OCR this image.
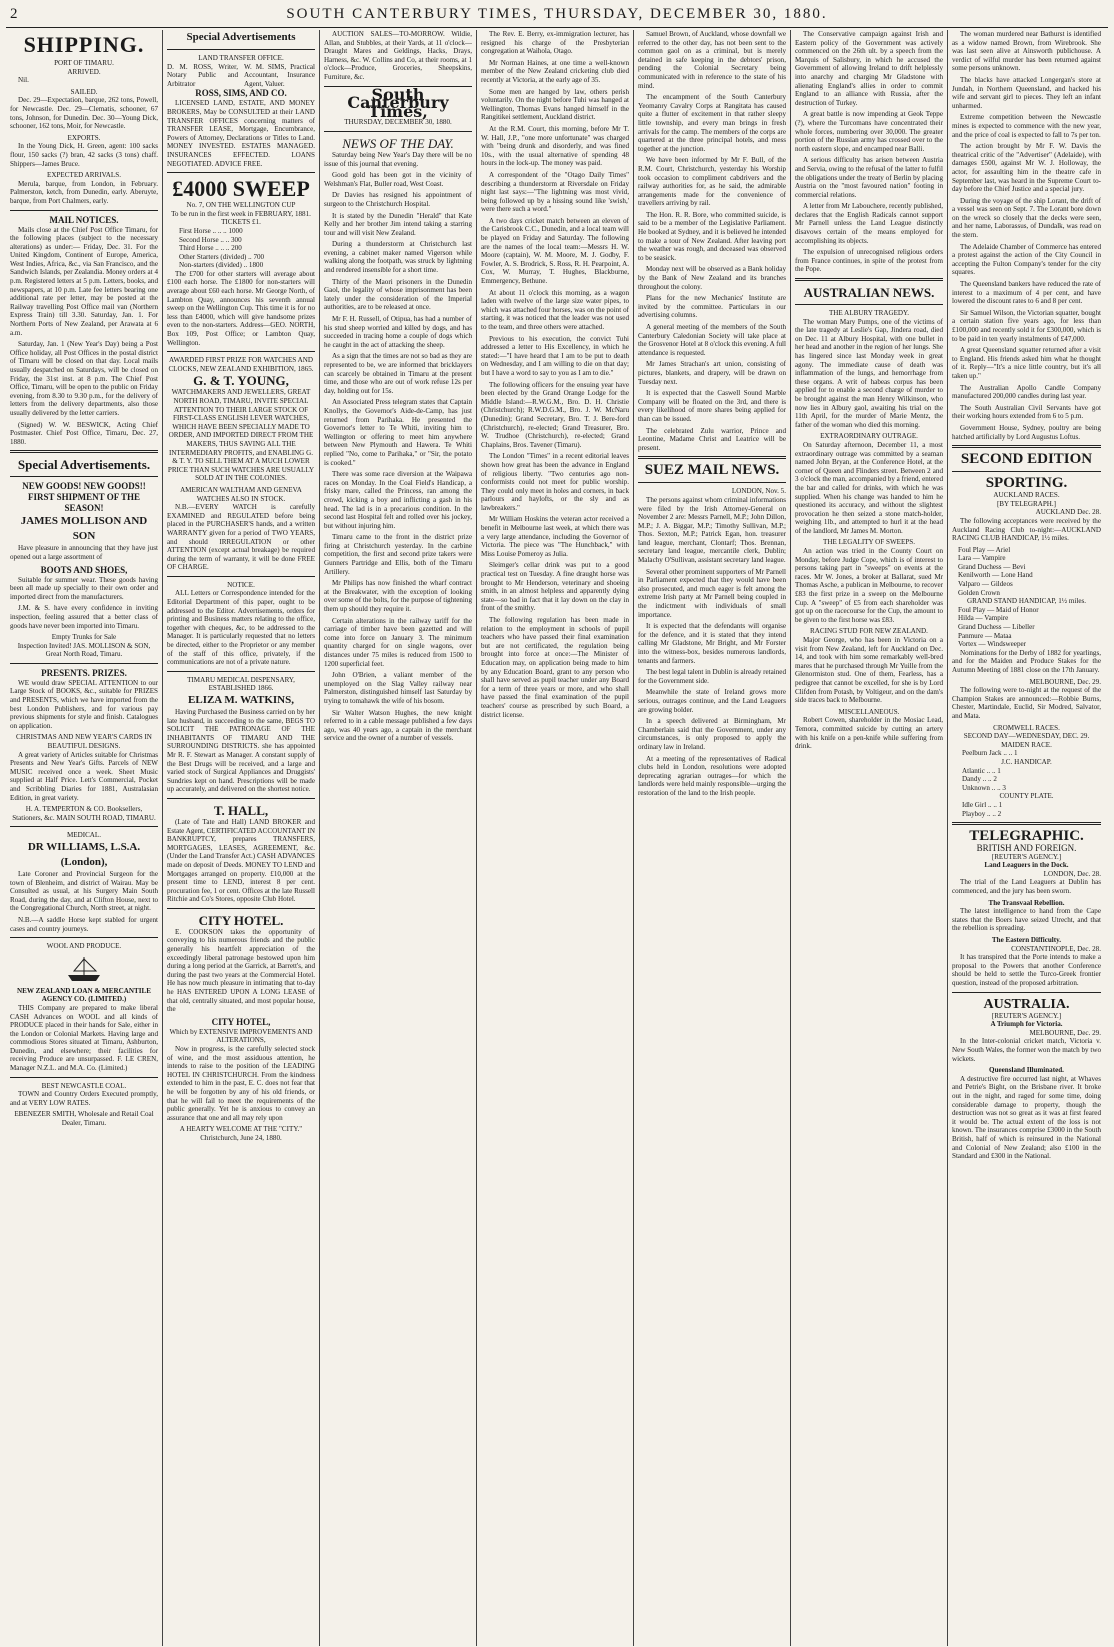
2	SOUTH CANTERBURY TIMES, THURSDAY, DECEMBER 30, 1880.
SHIPPING.
PORT OF TIMARU.
ARRIVED.

Nil.

SAILED.

Dec. 29—Expectation, barque, 262 tons, Powell, for Newcastle. Dec. 29—Clematis, schooner, 67 tons, Johnson, for Dunedin. Dec. 30—Young Dick, schooner, 162 tons, Moir, for Newcastle.

EXPORTS.

In the Young Dick, H. Green, agent: 100 sacks flour, 150 sacks (?) bran, 42 sacks (3 tons) chaff. Shippers—James Bruce.

EXPECTED ARRIVALS.

Merula, barque, from London, in February. Palmerston, ketch, from Dunedin, early. Aberuyte, barque, from Port Chalmers, early.

MAIL NOTICES.

Mails close at the Chief Post Office Timaru, for the following places (subject to the necessary alterations) as under:— Friday, Dec. 31. For the United Kingdom, Continent of Europe, America, West Indies, Africa, &c., via San Francisco, and the Sandwich Islands, per Zealandia. Money orders at 4 p.m. Registered letters at 5 p.m. Letters, books, and newspapers, at 10 p.m. Late fee letters bearing one additional rate per letter, may be posted at the Railway travelling Post Office mail van (Northern Express Train) till 3.30. Saturday, Jan. 1. For Northern Ports of New Zealand, per Arawata at 6 a.m.

Saturday, Jan. 1 (New Year's Day) being a Post Office holiday, all Post Offices in the postal district of Timaru will be closed on that day. Local mails usually despatched on Saturdays, will be closed on Friday, the 31st inst. at 8 p.m. The Chief Post Office, Timaru, will be open to the public on Friday evening, from 8.30 to 9.30 p.m., for the delivery of letters from the delivery departments, also those usually delivered by the letter carriers.

(Signed) W. W. BESWICK, Acting Chief Postmaster. Chief Post Office, Timaru, Dec. 27, 1880.

Special Advertisements.
NEW GOODS! NEW GOODS!!
FIRST SHIPMENT OF THE SEASON!
JAMES MOLLISON AND SON

Have pleasure in announcing that they have just opened out a large assortment of

BOOTS AND SHOES,

Suitable for summer wear. These goods having been all made up specially to their own order and imported direct from the manufacturers.

J.M. & S. have every confidence in inviting inspection, feeling assured that a better class of goods have never been imported into Timaru.

Empty Trunks for Sale
Inspection Invited! JAS. MOLLISON & SON, Great North Road, Timaru.
PRESENTS. PRIZES.

WE would draw SPECIAL ATTENTION to our Large Stock of BOOKS, &c., suitable for PRIZES and PRESENTS, which we have imported from the best London Publishers, and for various pay previous shipments for style and finish. Catalogues on application.

CHRISTMAS AND NEW YEAR'S CARDS IN BEAUTIFUL DESIGNS.

A great variety of Articles suitable for Christmas Presents and New Year's Gifts. Parcels of NEW MUSIC received once a week. Sheet Music supplied at Half Price. Lett's Commercial, Pocket and Scribbling Diaries for 1881, Australasian Edition, in great variety.

H. A. TEMPERTON & CO. Booksellers, Stationers, &c. MAIN SOUTH ROAD, TIMARU.
MEDICAL.
DR WILLIAMS, L.S.A. (London),

Late Coroner and Provincial Surgeon for the town of Blenheim, and district of Wairau. May be Consulted as usual, at his Surgery Main South Road, during the day, and at Clifton House, next to the Congregational Church, North street, at night.

N.B.—A saddle Horse kept stabled for urgent cases and country journeys.

WOOL AND PRODUCE.
NEW ZEALAND LOAN & MERCANTILE AGENCY CO. (LIMITED.)

THIS Company are prepared to make liberal CASH Advances on WOOL and all kinds of PRODUCE placed in their hands for Sale, either in the London or Colonial Markets. Having large and commodious Stores situated at Timaru, Ashburton, Dunedin, and elsewhere; their facilities for receiving Produce are unsurpassed. F. LE CREN, Manager N.Z.L. and M.A. Co. (Limited.)

BEST NEWCASTLE COAL.

TOWN and Country Orders Executed promptly, and at VERY LOW RATES.

EBENEZER SMITH, Wholesale and Retail Coal Dealer, Timaru.
Special Advertisements
LAND TRANSFER OFFICE.
D. M. ROSS, Writer, Notary Public and Arbitrator
W. M. SIMS, Practical Accountant, Insurance Agent, Valuer.
ROSS, SIMS, AND CO.

LICENSED LAND, ESTATE, AND MONEY BROKERS, May be CONSULTED at their LAND TRANSFER OFFICES concerning matters of TRANSFER LEASE, Mortgage, Encumbrance, Powers of Attorney, Declarations or Titles to Land. MONEY INVESTED. ESTATES MANAGED. INSURANCES EFFECTED. LOANS NEGOTIATED. ADVICE FREE.

£4000 SWEEP
No. 7, ON THE WELLINGTON CUP
To be run in the first week in FEBRUARY, 1881.
TICKETS £1.
First Horse .. .. .. 1000
Second Horse .. .. 300
Third Horse .. .. .. 200
Other Starters (divided) .. 700
Non-starters (divided) .. 1800

The £700 for other starters will average about £100 each horse. The £1800 for non-starters will average about £60 each horse. Mr George North, of Lambton Quay, announces his seventh annual sweep on the Wellington Cup. This time it is for no less than £4000, which will give handsome prizes even to the non-starters. Address—GEO. NORTH, Box 109, Post Office; or Lambton Quay, Wellington.

AWARDED FIRST PRIZE FOR WATCHES AND CLOCKS, NEW ZEALAND EXHIBITION, 1865.
G. & T. YOUNG,

WATCHMAKERS AND JEWELLERS, GREAT NORTH ROAD, TIMARU, INVITE SPECIAL ATTENTION TO THEIR LARGE STOCK OF FIRST-CLASS ENGLISH LEVER WATCHES, WHICH HAVE BEEN SPECIALLY MADE TO ORDER, AND IMPORTED DIRECT FROM THE MAKERS, THUS SAVING ALL THE INTERMEDIARY PROFITS, and ENABLING G. & T. Y. TO SELL THEM AT A MUCH LOWER PRICE THAN SUCH WATCHES ARE USUALLY SOLD AT IN THE COLONIES.

AMERICAN WALTHAM AND GENEVA WATCHES ALSO IN STOCK.

N.B.—EVERY WATCH is carefully EXAMINED and REGULATED before being placed in the PURCHASER'S hands, and a written WARRANTY given for a period of TWO YEARS, and should IRREGULATION or other ATTENTION (except actual breakage) be required during the term of warranty, it will be done FREE OF CHARGE.

NOTICE.

ALL Letters or Correspondence intended for the Editorial Department of this paper, ought to be addressed to the Editor. Advertisements, orders for printing and Business matters relating to the office, together with cheques, &c, to be addressed to the Manager. It is particularly requested that no letters be directed, either to the Proprietor or any member of the staff of this office, privately, if the communications are not of a private nature.

TIMARU MEDICAL DISPENSARY, ESTABLISHED 1866.
ELIZA M. WATKINS,

Having Purchased the Business carried on by her late husband, in succeeding to the same, BEGS TO SOLICIT THE PATRONAGE OF THE INHABITANTS OF TIMARU AND THE SURROUNDING DISTRICTS. she has appointed Mr R. F. Stewart as Manager. A constant supply of the Best Drugs will be received, and a large and varied stock of Surgical Appliances and Druggists' Sundries kept on hand. Prescriptions will be made up accurately, and delivered on the shortest notice.

T. HALL,

(Late of Tate and Hall) LAND BROKER and Estate Agent, CERTIFICATED ACCOUNTANT IN BANKRUPTCY, prepares TRANSFERS, MORTGAGES, LEASES, AGREEMENT, &c. (Under the Land Transfer Act.) CASH ADVANCES made on deposit of Deeds. MONEY TO LEND and Mortgages arranged on property. £10,000 at the present time to LEND, interest 8 per cent. procuration fee, 1 or cent. Offices at the late Russell Ritchie and Co's Stores, opposite Club Hotel.

CITY HOTEL.

E. COOKSON takes the opportunity of conveying to his numerous friends and the public generally his heartfelt appreciation of the exceedingly liberal patronage bestowed upon him during a long period at the Garrick, at Barrett's, and during the past two years at the Commercial Hotel. He has now much pleasure in intimating that to-day he HAS ENTERED UPON A LONG LEASE of that old, centrally situated, and most popular house, the

CITY HOTEL,
Which by EXTENSIVE IMPROVEMENTS AND ALTERATIONS,

Now in progress, is the carefully selected stock of wine, and the most assiduous attention, he intends to raise to the position of the LEADING HOTEL IN CHRISTCHURCH. From the kindness extended to him in the past, E. C. does not fear that he will be forgotten by any of his old friends, or that he will fail to meet the requirements of the public generally. Yet he is anxious to convey an assurance that one and all may rely upon

A HEARTY WELCOME AT THE "CITY."
Christchurch, June 24, 1880.

AUCTION SALES—TO-MORROW. Wildie, Allan, and Stubbles, at their Yards, at 11 o'clock—Draught Mares and Geldings, Hacks, Drays, Harness, &c. W. Collins and Co, at their rooms, at 1 o'clock—Produce, Groceries, Sheepskins, Furniture, &c.

South Canterbury Times,
THURSDAY, DECEMBER 30, 1880.
NEWS OF THE DAY.

Saturday being New Year's Day there will be no issue of this journal that evening.

Good gold has been got in the vicinity of Welshman's Flat, Buller road, West Coast.

Dr Davies has resigned his appointment of surgeon to the Christchurch Hospital.

It is stated by the Dunedin "Herald" that Kate Kelly and her brother Jim intend taking a starring tour and will visit New Zealand.

During a thunderstorm at Christchurch last evening, a cabinet maker named Vigerson while walking along the footpath, was struck by lightning and rendered insensible for a short time.

Thirty of the Maori prisoners in the Dunedin Gaol, the legality of whose imprisonment has been lately under the consideration of the Imperial authorities, are to be released at once.

Mr F. H. Russell, of Otipua, has had a number of his stud sheep worried and killed by dogs, and has succeeded in tracing home a couple of dogs which he caught in the act of attacking the sheep.

As a sign that the times are not so bad as they are represented to be, we are informed that bricklayers can scarcely be obtained in Timaru at the present time, and those who are out of work refuse 12s per day, holding out for 15s.

An Associated Press telegram states that Captain Knollys, the Governor's Aide-de-Camp, has just returned from Parihaka. He presented the Governor's letter to Te Whiti, inviting him to Wellington or offering to meet him anywhere between New Plymouth and Hawera. Te Whiti replied "No, come to Parihaka," or "Sir, the potato is cooked."

There was some race diversion at the Waipawa races on Monday. In the Coal Field's Handicap, a frisky mare, called the Princess, ran among the crowd, kicking a boy and inflicting a gash in his head. The lad is in a precarious condition. In the second last Hospital felt and rolled over his jockey, but without injuring him.

Timaru came to the front in the district prize firing at Christchurch yesterday. In the carbine competition, the first and second prize takers were Gunners Partridge and Ellis, both of the Timaru Artillery.

Mr Philips has now finished the wharf contract at the Breakwater, with the exception of looking over some of the bolts, for the purpose of tightening them up should they require it.

Certain alterations in the railway tariff for the carriage of timber have been gazetted and will come into force on January 3. The minimum quantity charged for on single wagons, over distances under 75 miles is reduced from 1500 to 1200 superficial feet.

John O'Brien, a valiant member of the unemployed on the Slag Valley railway near Palmerston, distinguished himself last Saturday by trying to tomahawk the wife of his bosom.

Sir Walter Watson Hughes, the new knight referred to in a cable message published a few days ago, was 40 years ago, a captain in the merchant service and the owner of a number of vessels.

The Rev. E. Berry, ex-immigration lecturer, has resigned his charge of the Presbyterian congregation at Waihola, Otago.

Mr Norman Haines, at one time a well-known member of the New Zealand cricketing club died recently at Victoria, at the early age of 35.

Some men are hanged by law, others perish voluntarily. On the night before Tuhi was hanged at Wellington, Thomas Evans hanged himself in the Rangitikei settlement, Auckland district.

At the R.M. Court, this morning, before Mr T. W. Hall, J.P., "one more unfortunate" was charged with "being drunk and disorderly, and was fined 10s., with the usual alternative of spending 48 hours in the lock-up. The money was paid.

A correspondent of the "Otago Daily Times" describing a thunderstorm at Riversdale on Friday night last says:—"The lightning was most vivid, being followed up by a hissing sound like 'swish,' were there such a word."

A two days cricket match between an eleven of the Carisbrook C.C., Dunedin, and a local team will be played on Friday and Saturday. The following are the names of the local team:—Messrs H. W. Moore (captain), W. M. Moore, M. J. Godby, F. Fowler, A. S. Brodrick, S. Ross, R. H. Pearpoint, A. Cox, W. Murray, T. Hughes, Blackburne, Emmergency, Bethune.

At about 11 o'clock this morning, as a wagon laden with twelve of the large size water pipes, to which was attached four horses, was on the point of starting, it was noticed that the leader was not used to the team, and three others were attached.

Previous to his execution, the convict Tuhi addressed a letter to His Excellency, in which he stated:—"I have heard that I am to be put to death on Wednesday, and I am willing to die on that day; but I have a word to say to you as I am to die."

The following officers for the ensuing year have been elected by the Grand Orange Lodge for the Middle Island:—R.W.G.M., Bro. D. H. Christie (Christchurch); R.W.D.G.M., Bro. J. W. McNaru (Dunedin); Grand Secretary, Bro. T. J. Bere-ford (Christchurch), re-elected; Grand Treasurer, Bro. W. Trudhoe (Christchurch), re-elected; Grand Chaplains, Bros. Tavener (Timaru).

The London "Times" in a recent editorial leaves shown how great has been the advance in England of religious liberty. "Two centuries ago non-conformists could not meet for public worship. They could only meet in holes and corners, in back parlours and haylofts, or the sly and as lawbreakers."

Mr William Hoskins the veteran actor received a benefit in Melbourne last week, at which there was a very large attendance, including the Governor of Victoria. The piece was "The Hunchback," with Miss Louise Pomeroy as Julia.

Sleimger's cellar drink was put to a good practical test on Tuesday. A fine draught horse was brought to Mr Henderson, veterinary and shoeing smith, in an almost helpless and apparently dying state—so bad in fact that it lay down on the clay in front of the smithy.

The following regulation has been made in relation to the employment in schools of pupil teachers who have passed their final examination but are not certificated, the regulation being brought into force at once:—The Minister of Education may, on application being made to him by any Education Board, grant to any person who shall have served as pupil teacher under any Board for a term of three years or more, and who shall have passed the final examination of the pupil teachers' course as prescribed by such Board, a district license.

Samuel Brown, of Auckland, whose downfall we referred to the other day, has not been sent to the common gaol on as a criminal, but is merely detained in safe keeping in the debtors' prison, pending the Colonial Secretary being communicated with in reference to the state of his mind.

The encampment of the South Canterbury Yeomanry Cavalry Corps at Rangitata has caused quite a flutter of excitement in that rather sleepy little township, and every man brings in fresh arrivals for the camp. The members of the corps are quartered at the three principal hotels, and mess together at the junction.

We have been informed by Mr F. Bull, of the R.M. Court, Christchurch, yesterday his Worship took occasion to compliment cabdrivers and the railway authorities for, as he said, the admirable arrangements made for the convenience of travellers arriving by rail.

The Hon. R. R. Bore, who committed suicide, is said to be a member of the Legislative Parliament. He booked at Sydney, and it is believed he intended to make a tour of New Zealand. After leaving port the weather was rough, and deceased was observed to be seasick.

Monday next will be observed as a Bank holiday by the Bank of New Zealand and its branches throughout the colony.

Plans for the new Mechanics' Institute are invited by the committee. Particulars in our advertising columns.

A general meeting of the members of the South Canterbury Caledonian Society will take place at the Grosvenor Hotel at 8 o'clock this evening. A full attendance is requested.

Mr James Strachan's art union, consisting of pictures, blankets, and drapery, will be drawn on Tuesday next.

It is expected that the Caswell Sound Marble Company will be floated on the 3rd, and there is every likelihood of more shares being applied for than can be issued.

The celebrated Zulu warrior, Prince and Leontine, Madame Christ and Leatrice will be present.

SUEZ MAIL NEWS.
LONDON, Nov. 5.

The persons against whom criminal informations were filed by the Irish Attorney-General on November 2 are: Messrs Parnell, M.P.; John Dillon, M.P.; J. A. Biggar, M.P.; Timothy Sullivan, M.P.; Thos. Sexton, M.P.; Patrick Egan, hon. treasurer land league, merchant, Clontarf; Thos. Brennan, secretary land league, mercantile clerk, Dublin; Malachy O'Sullivan, assistant secretary land league.

Several other prominent supporters of Mr Parnell in Parliament expected that they would have been also prosecuted, and much eager is felt among the extreme Irish party at Mr Parnell being coupled in the indictment with individuals of small importance.

It is expected that the defendants will organise for the defence, and it is stated that they intend calling Mr Gladstone, Mr Bright, and Mr Forster into the witness-box, besides numerous landlords, tenants and farmers.

The best legal talent in Dublin is already retained for the Government side.

Meanwhile the state of Ireland grows more serious, outrages continue, and the Land Leaguers are growing bolder.

In a speech delivered at Birmingham, Mr Chamberlain said that the Government, under any circumstances, is only proposed to apply the ordinary law in Ireland.

At a meeting of the representatives of Radical clubs held in London, resolutions were adopted deprecating agrarian outrages—for which the landlords were held mainly responsible—urging the restoration of the land to the Irish people.

The Conservative campaign against Irish and Eastern policy of the Government was actively commenced on the 26th ult. by a speech from the Marquis of Salisbury, in which he accused the Government of allowing Ireland to drift helplessly into anarchy and charging Mr Gladstone with alienating England's allies in order to commit England to an alliance with Russia, after the destruction of Turkey.

A great battle is now impending at Geok Teppe (?), where the Turcomans have concentrated their whole forces, numbering over 30,000. The greater portion of the Russian army has crossed over to the north eastern slope, and encamped near Balli.

A serious difficulty has arisen between Austria and Servia, owing to the refusal of the latter to fulfil the obligations under the treaty of Berlin by placing Austria on the "most favoured nation" footing in commercial relations.

A letter from Mr Labouchere, recently published, declares that the English Radicals cannot support Mr Parnell unless the Land League distinctly disavows certain of the means employed for accomplishing its objects.

The expulsion of unrecognised religious orders from France continues, in spite of the protest from the Pope.

AUSTRALIAN NEWS.
THE ALBURY TRAGEDY.

The woman Mary Pumps, one of the victims of the late tragedy at Leslie's Gap, Jindera road, died on Dec. 11 at Albury Hospital, with one bullet in her head and another in the region of her lungs. She has lingered since last Monday week in great agony. The immediate cause of death was inflammation of the lungs, and hemorrhage from these organs. A writ of habeas corpus has been applied for to enable a second charge of murder to be brought against the man Henry Wilkinson, who now lies in Albury gaol, awaiting his trial on the 11th April, for the murder of Marie Mentz, the father of the woman who died this morning.

EXTRAORDINARY OUTRAGE.

On Saturday afternoon, December 11, a most extraordinary outrage was committed by a seaman named John Bryan, at the Conference Hotel, at the corner of Queen and Flinders street. Between 2 and 3 o'clock the man, accompanied by a friend, entered the bar and called for drinks, with which he was supplied. When his change was handed to him he questioned its accuracy, and without the slightest provocation he then seized a stone match-holder, weighing 1lb., and attempted to hurl it at the head of the landlord, Mr James M. Morton.

THE LEGALITY OF SWEEPS.

An action was tried in the County Court on Monday, before Judge Cope, which is of interest to persons taking part in "sweeps" on events at the races. Mr W. Jones, a broker at Ballarat, sued Mr Thomas Asche, a publican in Melbourne, to recover £83 the first prize in a sweep on the Melbourne Cup. A "sweep" of £5 from each shareholder was got up on the racecourse for the Cup, the amount to be given to the first horse was £83.

RACING STUD FOR NEW ZEALAND.

Major George, who has been in Victoria on a visit from New Zealand, left for Auckland on Dec. 14, and took with him some remarkably well-bred mares that he purchased through Mr Yuille from the Glenormiston stud. One of them, Fearless, has a pedigree that cannot be excelled, for she is by Lord Clifden from Potash, by Voltigeur, and on the dam's side traces back to Melbourne.

MISCELLANEOUS.

Robert Cowen, shareholder in the Mosiac Lead, Temora, committed suicide by cutting an artery with his knife on a pen-knife while suffering from drink.

The woman murdered near Bathurst is identified as a widow named Brown, from Wirebrook. She was last seen alive at Ainsworth publichouse. A verdict of wilful murder has been returned against some persons unknown.

The blacks have attacked Longergan's store at Jundah, in Northern Queensland, and hacked his wife and servant girl to pieces. They left an infant unharmed.

Extreme competition between the Newcastle mines is expected to commence with the new year, and the price of coal is expected to fall to 7s per ton.

The action brought by Mr F. W. Davis the theatrical critic of the "Advertiser" (Adelaide), with damages £500, against Mr W. J. Holloway, the actor, for assaulting him in the theatre cafe in September last, was heard in the Supreme Court to-day before the Chief Justice and a special jury.

During the voyage of the ship Lorant, the drift of a vessel was seen on Sept. 7. The Lorant bore down on the wreck so closely that the decks were seen, and her name, Laborassus, of Dundalk, was read on the stern.

The Adelaide Chamber of Commerce has entered a protest against the action of the City Council in accepting the Fulton Company's tender for the city squares.

The Queensland bankers have reduced the rate of interest to a maximum of 4 per cent, and have lowered the discount rates to 6 and 8 per cent.

Sir Samuel Wilson, the Victorian squatter, bought a certain station five years ago, for less than £100,000 and recently sold it for £300,000, which is to be paid in ten yearly instalments of £47,000.

A great Queensland squatter returned after a visit to England. His friends asked him what he thought of it. Reply—"It's a nice little country, but it's all taken up."

The Australian Apollo Candle Company manufactured 200,000 candles during last year.

The South Australian Civil Servants have got their working hours extended from 6 to 5 p.m.

Government House, Sydney, poultry are being hatched artificially by Lord Augustus Loftus.

SECOND EDITION
SPORTING.
AUCKLAND RACES.
[BY TELEGRAPH.]
AUCKLAND Dec. 28.

The following acceptances were received by the Auckland Racing Club to-night:—AUCKLAND RACING CLUB HANDICAP, 1½ miles.

Foul Play — Ariel
Lara — Vampire
Grand Duchess — Bevi
Kenilworth — Lone Hand
Valparo — Gildeos
Golden Crown
GRAND STAND HANDICAP, 1½ miles.
Foul Play — Maid of Honor
Hilda — Vampire
Grand Duchess — Libeller
Panmure — Mataa
Vortex — Windsweeper

Nominations for the Derby of 1882 for yearlings, and for the Maiden and Produce Stakes for the Autumn Meeting of 1881 close on the 17th January.

MELBOURNE, Dec. 29.

The following were to-night at the request of the Champion Stakes are announced:—Robbie Burns, Chester, Martindale, Euclid, Sir Modred, Salvator, and Mata.

CROMWELL RACES.
SECOND DAY—WEDNESDAY, DEC. 29.
MAIDEN RACE.
Peelburn Jack .. .. 1
J.C. HANDICAP.
Atlantic .. .. 1
Dandy .. .. 2
Unknown .. .. 3
COUNTY PLATE.
Idle Girl .. .. 1
Playboy .. .. 2
TELEGRAPHIC.
BRITISH AND FOREIGN.
[REUTER'S AGENCY.]
Land Leaguers in the Dock.
LONDON, Dec. 28.

The trial of the Land Leaguers at Dublin has commenced, and the jury has been sworn.

The Transvaal Rebellion.

The latest intelligence to hand from the Cape states that the Boers have seized Utrecht, and that the rebellion is spreading.

The Eastern Difficulty.
CONSTANTINOPLE, Dec. 28.

It has transpired that the Porte intends to make a proposal to the Powers that another Conference should be held to settle the Turco-Greek frontier question, instead of the proposed arbitration.

AUSTRALIA.
[REUTER'S AGENCY.]
A Triumph for Victoria.
MELBOURNE, Dec. 29.

In the Inter-colonial cricket match, Victoria v. New South Wales, the former won the match by two wickets.

Queensland Illuminated.

A destructive fire occurred last night, at Whaves and Petrie's Bight, on the Brisbane river. It broke out in the night, and raged for some time, doing considerable damage to property, though the destruction was not so great as it was at first feared it would be. The actual extent of the loss is not known. The insurances comprise £3000 in the South British, half of which is reinsured in the National and Colonial of New Zealand; also £100 in the Standard and £300 in the National.
